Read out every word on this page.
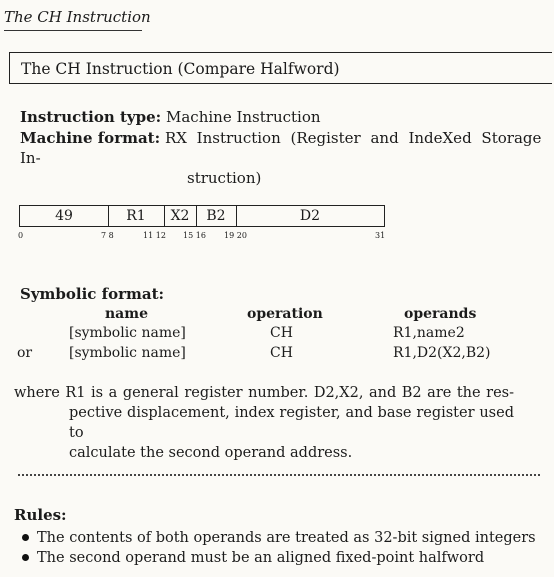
The CH Instruction
The CH Instruction (Compare Halfword)
Instruction type: Machine Instruction
Machine format: RX Instruction (Register and IndeXed Storage In-
struction)
49	R1	X2	B2	D2
0	7 8	11 12 15 16 19 20	31
Symbolic format:
name	operation	operands
[symbolic name]	CH	R1,name2
or	[symbolic name]	CH	R1,D2(X2,B2)
where R1 is a general register number. D2,X2, and B2 are the res-
pective displacement, index register, and base register used to
calculate the second operand address.
Rules:
The contents of both operands are treated as 32-bit signed integers
The second operand must be an aligned fixed-point halfword
